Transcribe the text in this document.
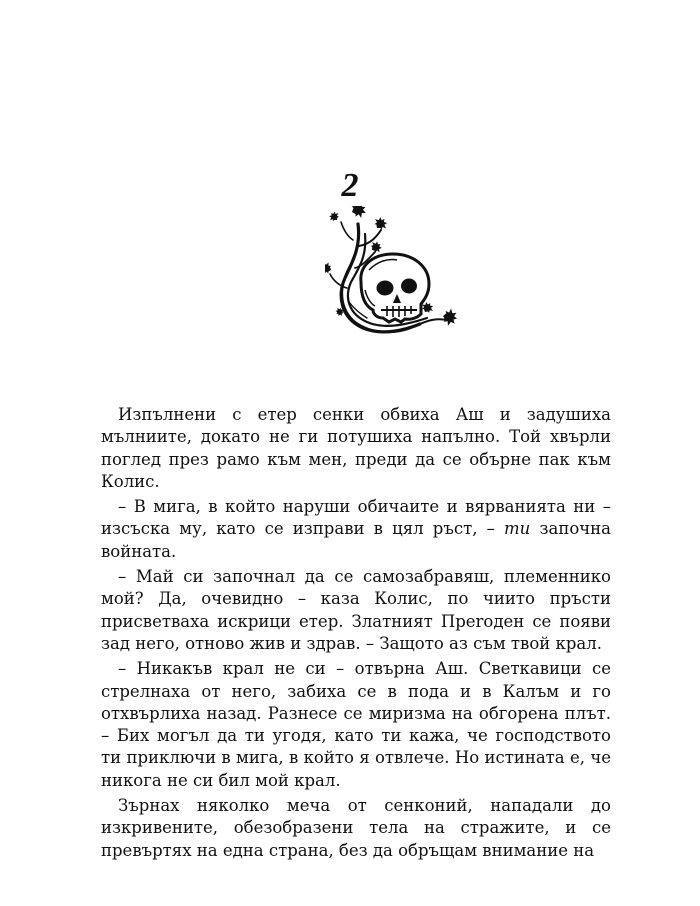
2

Изпълнени с етер сенки обвиха Аш и задушиха мълниите, докато не ги потушиха напълно. Той хвърли поглед през рамо към мен, преди да се обърне пак към Колис.

– В мига, в който наруши обичаите и вярванията ни – изсъска му, като се изправи в цял ръст, – ти започна войната.

– Май си започнал да се самозабравяш, племеннико мой? Да, очевидно – каза Колис, по чиито пръсти присветваха искрици етер. Златният Преroден се появи зад него, отново жив и здрав. – Защото аз съм твой крал.

– Никакъв крал не си – отвърна Аш. Светкавици се стрелнаха от него, забиха се в пода и в Калъм и го отхвърлиха назад. Разнесе се миризма на обгорена плът. – Бих могъл да ти угодя, като ти кажа, че господството ти приключи в мига, в който я отвлече. Но истината е, че никога не си бил мой крал.

Зърнах няколко меча от сенконий, нападали до изкривените, обезобразени тела на стражите, и се превъртях на една страна, без да обръщам внимание на
